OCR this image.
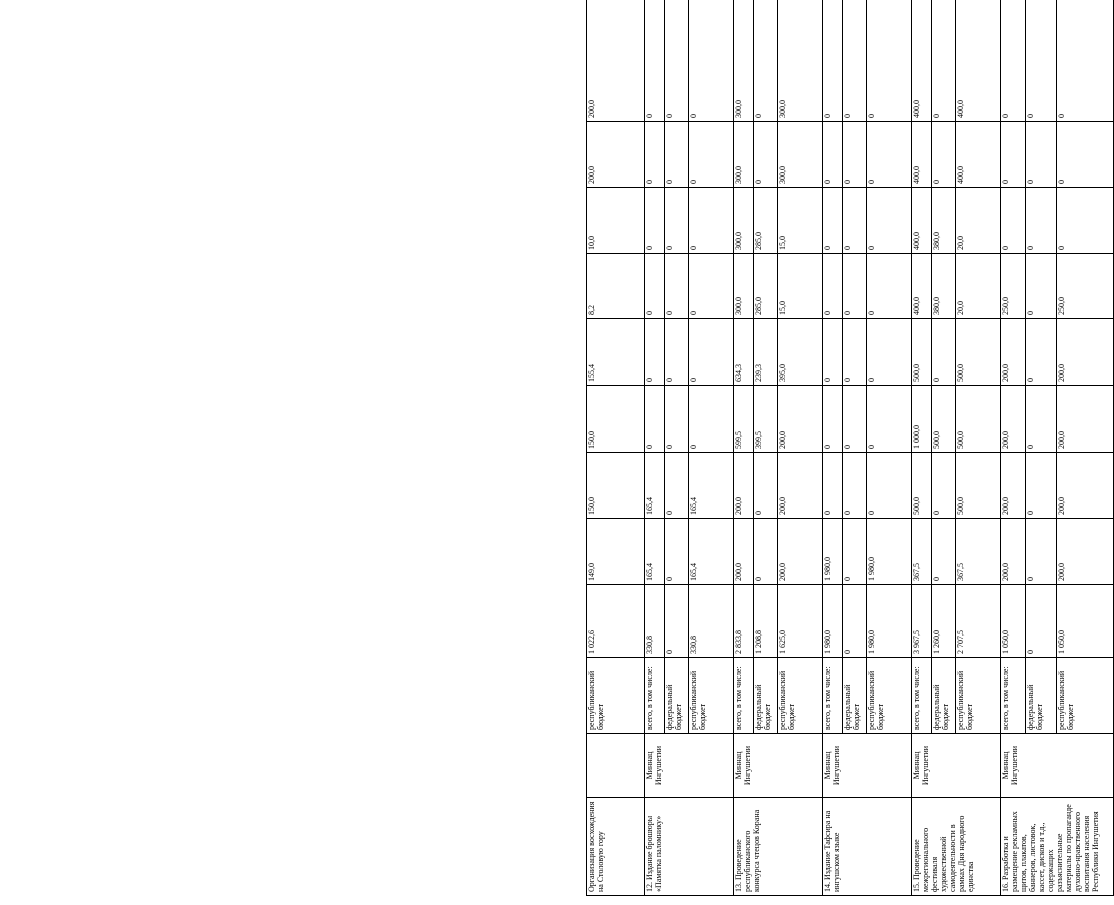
Организация восхождения на Столовую гору		республиканский бюджет	1 022,6	149,0	150,0	150,0	155,4	8,2	10,0	200,0	200,0	
12. Издание брошюры «Памятка паломнику»	Миннац Ингушетии	всего, в том числе:	330,8	165,4	165,4	0	0	0	0	0	0	
		федеральный бюджет	0	0	0	0	0	0	0	0	0	
		республиканский бюджет	330,8	165,4	165,4	0	0	0	0	0	0	
13. Проведение республиканского конкурса чтецов Корана	Миннац Ингушетии	всего, в том числе:	2 833,8	200,0	200,0	599,5	634,3	300,0	300,0	300,0	300,0	
		федеральный бюджет	1 208,8	0	0	399,5	239,3	285,0	285,0	0	0	
		республиканский бюджет	1 625,0	200,0	200,0	200,0	395,0	15,0	15,0	300,0	300,0	
14. Издание Тафсира на ингушском языке	Миннац Ингушетии	всего, в том числе:	1 980,0	1 980,0	0	0	0	0	0	0	0	
		федеральный бюджет	0	0	0	0	0	0	0	0	0	
		республиканский бюджет	1 980,0	1 980,0	0	0	0	0	0	0	0	
15. Проведение межрегионального фестиваля художественной самодеятельности в рамках Дня народного единства	Миннац Ингушетии	всего, в том числе:	3 967,5	367,5	500,0	1 000,0	500,0	400,0	400,0	400,0	400,0	
		федеральный бюджет	1 260,0	0	0	500,0	0	380,0	380,0	0	0	
		республиканский бюджет	2 707,5	367,5	500,0	500,0	500,0	20,0	20,0	400,0	400,0	
16. Разработка и размещение рекламных щитов, плакатов, баннеров, листовок, кассет, дисков и т.д., содержащих разъяснительные материалы по пропаганде духовно-нравственного воспитания населения Республики Ингушетия	Миннац Ингушетии	всего, в том числе:	1 050,0	200,0	200,0	200,0	200,0	250,0	0	0	0	
		федеральный бюджет	0	0	0	0	0	0	0	0	0	
		республиканский бюджет	1 050,0	200,0	200,0	200,0	200,0	250,0	0	0	0	
